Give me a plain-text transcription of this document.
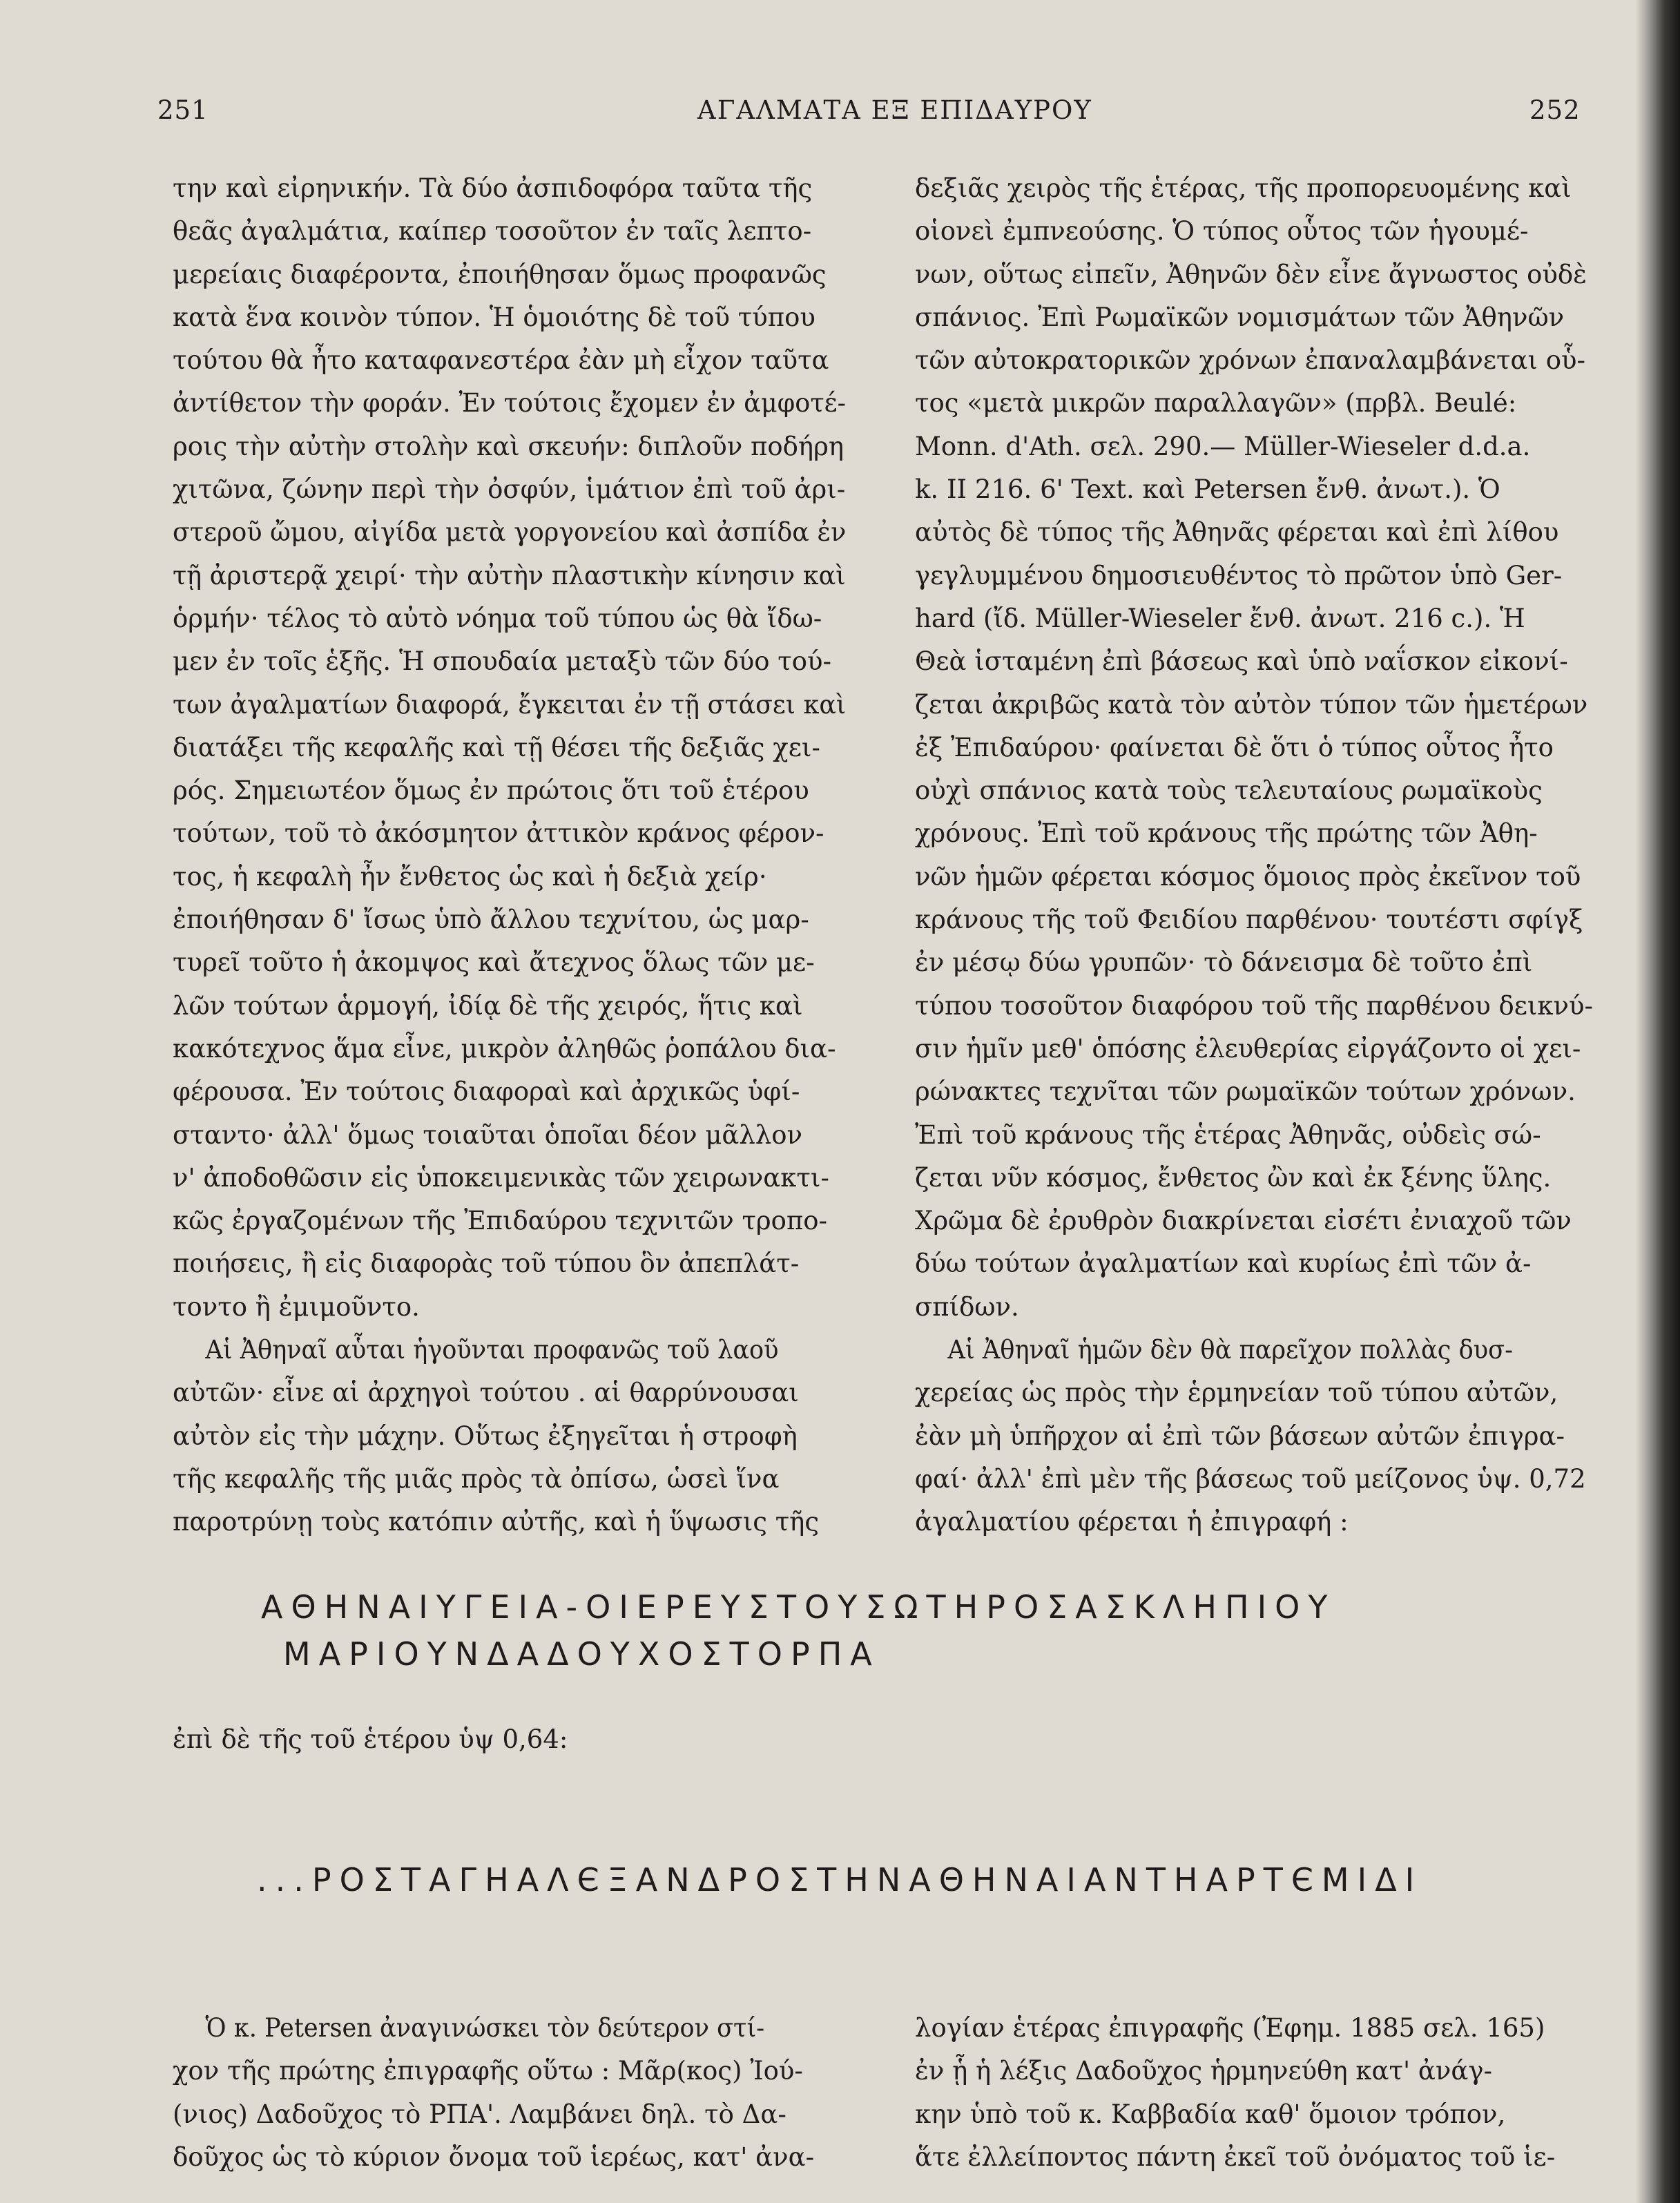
251	ΑΓΑΛΜΑΤΑ ΕΞ ΕΠΙΔΑΥΡΟΥ	252

την καὶ εἰρηνικήν. Τὰ δύο ἀσπιδοφόρα ταῦτα τῆς

θεᾶς ἀγαλμάτια, καίπερ τοσοῦτον ἐν ταῖς λεπτο-

μερείαις διαφέροντα, ἐποιήθησαν ὅμως προφανῶς

κατὰ ἕνα κοινὸν τύπον. Ἡ ὁμοιότης δὲ τοῦ τύπου

τούτου θὰ ἦτο καταφανεστέρα ἐὰν μὴ εἶχον ταῦτα

ἀντίθετον τὴν φοράν. Ἐν τούτοις ἔχομεν ἐν ἀμφοτέ-

ροις τὴν αὐτὴν στολὴν καὶ σκευήν: διπλοῦν ποδήρη

χιτῶνα, ζώνην περὶ τὴν ὀσφύν, ἱμάτιον ἐπὶ τοῦ ἀρι-

στεροῦ ὤμου, αἰγίδα μετὰ γοργονείου καὶ ἀσπίδα ἐν

τῇ ἀριστερᾷ χειρί· τὴν αὐτὴν πλαστικὴν κίνησιν καὶ

ὁρμήν· τέλος τὸ αὐτὸ νόημα τοῦ τύπου ὡς θὰ ἴδω-

μεν ἐν τοῖς ἑξῆς. Ἡ σπουδαία μεταξὺ τῶν δύο τού-

των ἀγαλματίων διαφορά, ἔγκειται ἐν τῇ στάσει καὶ

διατάξει τῆς κεφαλῆς καὶ τῇ θέσει τῆς δεξιᾶς χει-

ρός. Σημειωτέον ὅμως ἐν πρώτοις ὅτι τοῦ ἑτέρου

τούτων, τοῦ τὸ ἀκόσμητον ἀττικὸν κράνος φέρον-

τος, ἡ κεφαλὴ ἦν ἔνθετος ὡς καὶ ἡ δεξιὰ χείρ·

ἐποιήθησαν δ' ἴσως ὑπὸ ἄλλου τεχνίτου, ὡς μαρ-

τυρεῖ τοῦτο ἡ ἀκομψος καὶ ἄτεχνος ὅλως τῶν με-

λῶν τούτων ἁρμογή, ἰδίᾳ δὲ τῆς χειρός, ἥτις καὶ

κακότεχνος ἅμα εἶνε, μικρὸν ἀληθῶς ῥοπάλου δια-

φέρουσα. Ἐν τούτοις διαφοραὶ καὶ ἀρχικῶς ὑφί-

σταντο· ἀλλ' ὅμως τοιαῦται ὁποῖαι δέον μᾶλλον

ν' ἀποδοθῶσιν εἰς ὑποκειμενικὰς τῶν χειρωνακτι-

κῶς ἐργαζομένων τῆς Ἐπιδαύρου τεχνιτῶν τροπο-

ποιήσεις, ἢ εἰς διαφορὰς τοῦ τύπου ὃν ἀπεπλάτ-

τοντο ἢ ἐμιμοῦντο.

Αἱ Ἀθηναῖ αὗται ἡγοῦνται προφανῶς τοῦ λαοῦ

αὐτῶν· εἶνε αἱ ἀρχηγοὶ τούτου . αἱ θαρρύνουσαι

αὐτὸν εἰς τὴν μάχην. Οὕτως ἐξηγεῖται ἡ στροφὴ

τῆς κεφαλῆς τῆς μιᾶς πρὸς τὰ ὀπίσω, ὡσεὶ ἵνα

παροτρύνῃ τοὺς κατόπιν αὐτῆς, καὶ ἡ ὕψωσις τῆς

δεξιᾶς χειρὸς τῆς ἑτέρας, τῆς προπορευομένης καὶ

οἱονεὶ ἐμπνεούσης. Ὁ τύπος οὗτος τῶν ἡγουμέ-

νων, οὕτως εἰπεῖν, Ἀθηνῶν δὲν εἶνε ἄγνωστος οὐδὲ

σπάνιος. Ἐπὶ Ρωμαϊκῶν νομισμάτων τῶν Ἀθηνῶν

τῶν αὐτοκρατορικῶν χρόνων ἐπαναλαμβάνεται οὗ-

τος «μετὰ μικρῶν παραλλαγῶν» (πρβλ. Beulé:

Monn. d'Ath. σελ. 290.— Müller-Wieseler d.d.a.

k. II 216. 6' Text. καὶ Petersen ἔνθ. ἀνωτ.). Ὁ

αὐτὸς δὲ τύπος τῆς Ἀθηνᾶς φέρεται καὶ ἐπὶ λίθου

γεγλυμμένου δημοσιευθέντος τὸ πρῶτον ὑπὸ Ger-

hard (ἴδ. Müller-Wieseler ἔνθ. ἀνωτ. 216 c.). Ἡ

Θεὰ ἱσταμένη ἐπὶ βάσεως καὶ ὑπὸ ναΐσκον εἰκονί-

ζεται ἀκριβῶς κατὰ τὸν αὐτὸν τύπον τῶν ἡμετέρων

ἐξ Ἐπιδαύρου· φαίνεται δὲ ὅτι ὁ τύπος οὗτος ἦτο

οὐχὶ σπάνιος κατὰ τοὺς τελευταίους ρωμαϊκοὺς

χρόνους. Ἐπὶ τοῦ κράνους τῆς πρώτης τῶν Ἀθη-

νῶν ἡμῶν φέρεται κόσμος ὅμοιος πρὸς ἐκεῖνον τοῦ

κράνους τῆς τοῦ Φειδίου παρθένου· τουτέστι σφίγξ

ἐν μέσῳ δύω γρυπῶν· τὸ δάνεισμα δὲ τοῦτο ἐπὶ

τύπου τοσοῦτον διαφόρου τοῦ τῆς παρθένου δεικνύ-

σιν ἡμῖν μεθ' ὁπόσης ἐλευθερίας εἰργάζοντο οἱ χει-

ρώνακτες τεχνῖται τῶν ρωμαϊκῶν τούτων χρόνων.

Ἐπὶ τοῦ κράνους τῆς ἑτέρας Ἀθηνᾶς, οὐδεὶς σώ-

ζεται νῦν κόσμος, ἔνθετος ὢν καὶ ἐκ ξένης ὕλης.

Χρῶμα δὲ ἐρυθρὸν διακρίνεται εἰσέτι ἐνιαχοῦ τῶν

δύω τούτων ἀγαλματίων καὶ κυρίως ἐπὶ τῶν ἀ-

σπίδων.

Αἱ Ἀθηναῖ ἡμῶν δὲν θὰ παρεῖχον πολλὰς δυσ-

χερείας ὡς πρὸς τὴν ἑρμηνείαν τοῦ τύπου αὐτῶν,

ἐὰν μὴ ὑπῆρχον αἱ ἐπὶ τῶν βάσεων αὐτῶν ἐπιγρα-

φαί· ἀλλ' ἐπὶ μὲν τῆς βάσεως τοῦ μείζονος ὑψ. 0,72

ἀγαλματίου φέρεται ἡ ἐπιγραφή :

ΑΘΗΝΑΙΥΓΕΙΑ-ΟΙΕΡΕΥΣΤΟΥΣΩΤΗΡΟΣΑΣΚΛΗΠΙΟΥ
ΜΑΡΙΟΥΝΔΑΔΟΥΧΟΣΤΟΡΠΑ
ἐπὶ δὲ τῆς τοῦ ἑτέρου ὑψ 0,64:
...ΡΟΣΤΑΓΗΑΛЄΞΑΝΔΡΟΣΤΗΝΑΘΗΝΑΙΑΝΤΗΑΡΤЄΜΙΔΙ

Ὁ κ. Petersen ἀναγινώσκει τὸν δεύτερον στί-

χον τῆς πρώτης ἐπιγραφῆς οὕτω : Μᾶρ(κος) Ἰού-

(νιος) Δαδοῦχος τὸ ΡΠΑ'. Λαμβάνει δηλ. τὸ Δα-

δοῦχος ὡς τὸ κύριον ὄνομα τοῦ ἱερέως, κατ' ἀνα-

λογίαν ἑτέρας ἐπιγραφῆς (Ἐφημ. 1885 σελ. 165)

ἐν ᾗ ἡ λέξις Δαδοῦχος ἡρμηνεύθη κατ' ἀνάγ-

κην ὑπὸ τοῦ κ. Καββαδία καθ' ὅμοιον τρόπον,

ἅτε ἐλλείποντος πάντη ἐκεῖ τοῦ ὀνόματος τοῦ ἱε-
